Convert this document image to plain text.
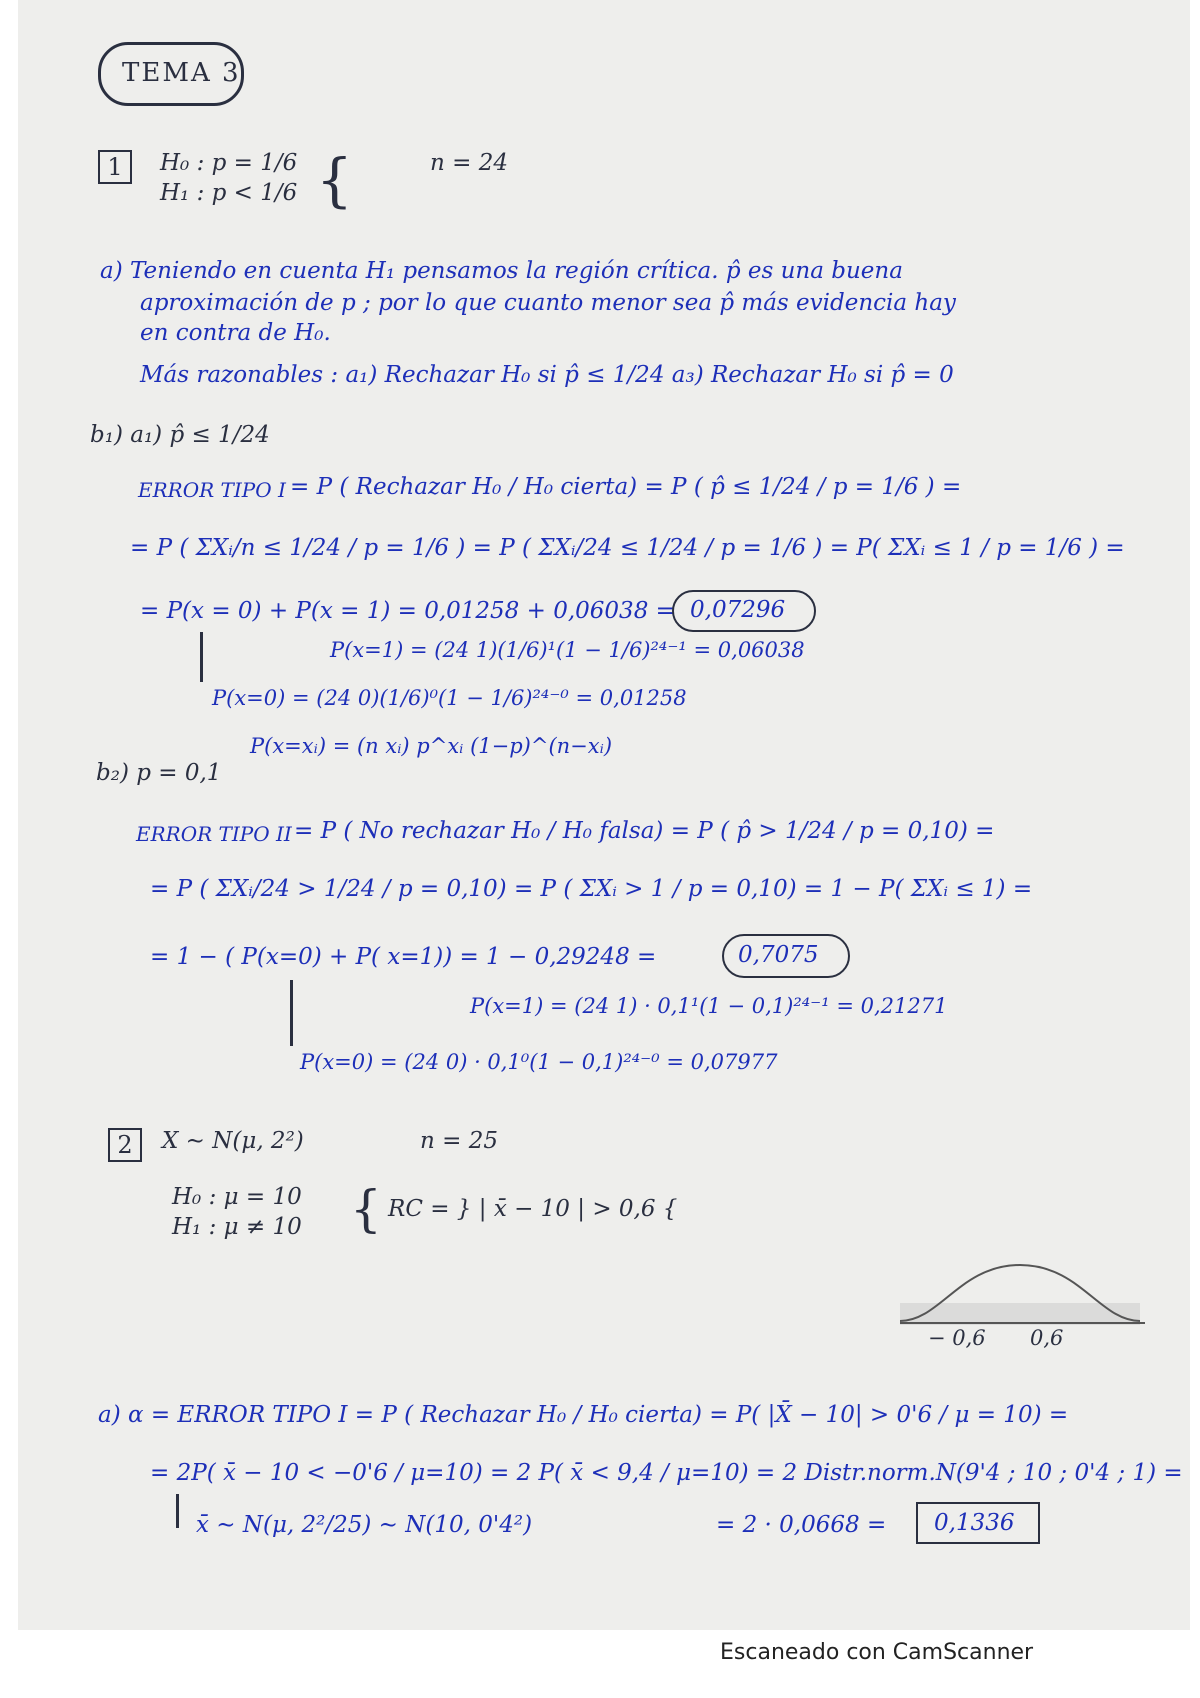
TEMA 3
1	H₀ : p = 1/6
H₁ : p < 1/6 {	n = 24
a) Teniendo en cuenta H₁ pensamos la región crítica. p̂ es una buena
aproximación de p ; por lo que cuanto menor sea p̂ más evidencia hay
en contra de H₀.
Más razonables : a₁) Rechazar H₀ si p̂ ≤ 1/24 a₃) Rechazar H₀ si p̂ = 0
b₁) a₁) p̂ ≤ 1/24
ERROR TIPO I = P ( Rechazar H₀ / H₀ cierta) = P ( p̂ ≤ 1/24 / p = 1/6 ) =
= P ( ΣXᵢ/n ≤ 1/24 / p = 1/6 ) = P ( ΣXᵢ/24 ≤ 1/24 / p = 1/6 ) = P( ΣXᵢ ≤ 1 / p = 1/6 ) =
= P(x = 0) + P(x = 1) = 0,01258 + 0,06038 = 0,07296
P(x=1) = (24 1)(1/6)¹(1 − 1/6)²⁴⁻¹ = 0,06038
P(x=0) = (24 0)(1/6)⁰(1 − 1/6)²⁴⁻⁰ = 0,01258
P(x=xᵢ) = (n xᵢ) p^xᵢ (1−p)^(n−xᵢ)
b₂) p = 0,1
ERROR TIPO II = P ( No rechazar H₀ / H₀ falsa) = P ( p̂ > 1/24 / p = 0,10) =
= P ( ΣXᵢ/24 > 1/24 / p = 0,10) = P ( ΣXᵢ > 1 / p = 0,10) = 1 − P( ΣXᵢ ≤ 1) =
= 1 − ( P(x=0) + P( x=1)) = 1 − 0,29248 =	0,7075
P(x=1) = (24 1) · 0,1¹(1 − 0,1)²⁴⁻¹ = 0,21271
P(x=0) = (24 0) · 0,1⁰(1 − 0,1)²⁴⁻⁰ = 0,07977
2	X ∼ N(μ, 2²)	n = 25
H₀ : μ = 10
H₁ : μ ≠ 10 { RC = } | x̄ − 10 | > 0,6 {
− 0,6 0,6
a) α = ERROR TIPO I = P ( Rechazar H₀ / H₀ cierta) = P( |X̄ − 10| > 0'6 / μ = 10) =
= 2P( x̄ − 10 < −0'6 / μ=10) = 2 P( x̄ < 9,4 / μ=10) = 2 Distr.norm.N(9'4 ; 10 ; 0'4 ; 1) =
x̄ ∼ N(μ, 2²/25) ∼ N(10, 0'4²)	= 2 · 0,0668 = 0,1336
Escaneado con CamScanner
